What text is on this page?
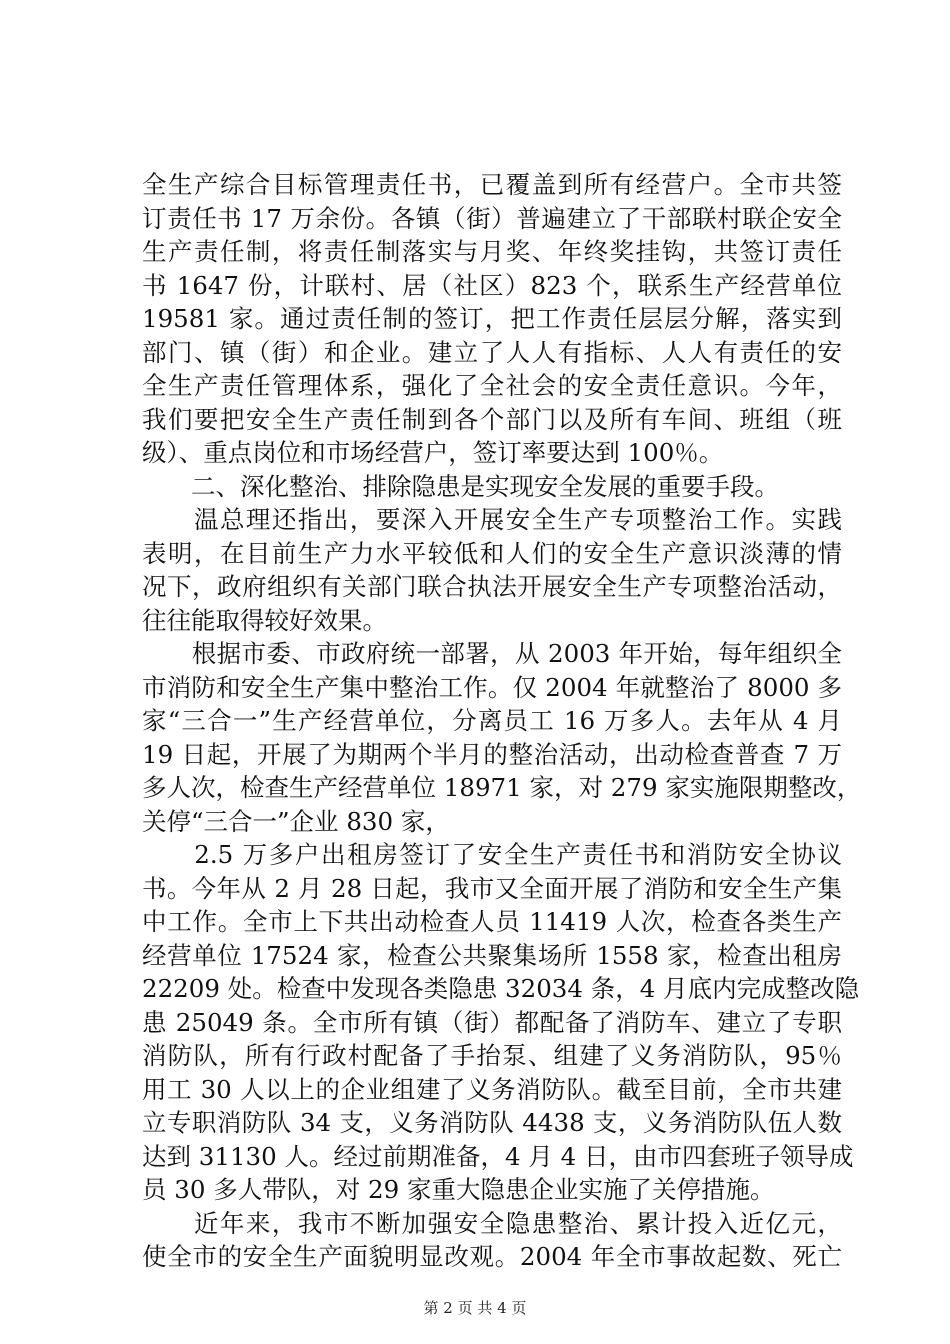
全生产综合目标管理责任书，已覆盖到所有经营户。全市共签
订责任书 17 万余份。各镇（街）普遍建立了干部联村联企安全
生产责任制，将责任制落实与月奖、年终奖挂钩，共签订责任
书 1647 份，计联村、居（社区）823 个，联系生产经营单位
19581 家。通过责任制的签订，把工作责任层层分解，落实到
部门、镇（街）和企业。建立了人人有指标、人人有责任的安
全生产责任管理体系，强化了全社会的安全责任意识。今年，
我们要把安全生产责任制到各个部门以及所有车间、班组（班
级）、重点岗位和市场经营户，签订率要达到 100％。
　　二、深化整治、排除隐患是实现安全发展的重要手段。
　　温总理还指出，要深入开展安全生产专项整治工作。实践
表明，在目前生产力水平较低和人们的安全生产意识淡薄的情
况下，政府组织有关部门联合执法开展安全生产专项整治活动，
往往能取得较好效果。
　　根据市委、市政府统一部署，从 2003 年开始，每年组织全
市消防和安全生产集中整治工作。仅 2004 年就整治了 8000 多
家“三合一”生产经营单位，分离员工 16 万多人。去年从 4 月
19 日起，开展了为期两个半月的整治活动，出动检查普查 7 万
多人次，检查生产经营单位 18971 家，对 279 家实施限期整改，
关停“三合一”企业 830 家，
　　2.5 万多户出租房签订了安全生产责任书和消防安全协议
书。今年从 2 月 28 日起，我市又全面开展了消防和安全生产集
中工作。全市上下共出动检查人员 11419 人次，检查各类生产
经营单位 17524 家，检查公共聚集场所 1558 家，检查出租房
22209 处。检查中发现各类隐患 32034 条，4 月底内完成整改隐
患 25049 条。全市所有镇（街）都配备了消防车、建立了专职
消防队，所有行政村配备了手抬泵、组建了义务消防队，95％
用工 30 人以上的企业组建了义务消防队。截至目前，全市共建
立专职消防队 34 支，义务消防队 4438 支，义务消防队伍人数
达到 31130 人。经过前期准备，4 月 4 日，由市四套班子领导成
员 30 多人带队，对 29 家重大隐患企业实施了关停措施。
　　近年来，我市不断加强安全隐患整治、累计投入近亿元，
使全市的安全生产面貌明显改观。2004 年全市事故起数、死亡
第 2 页 共 4 页
